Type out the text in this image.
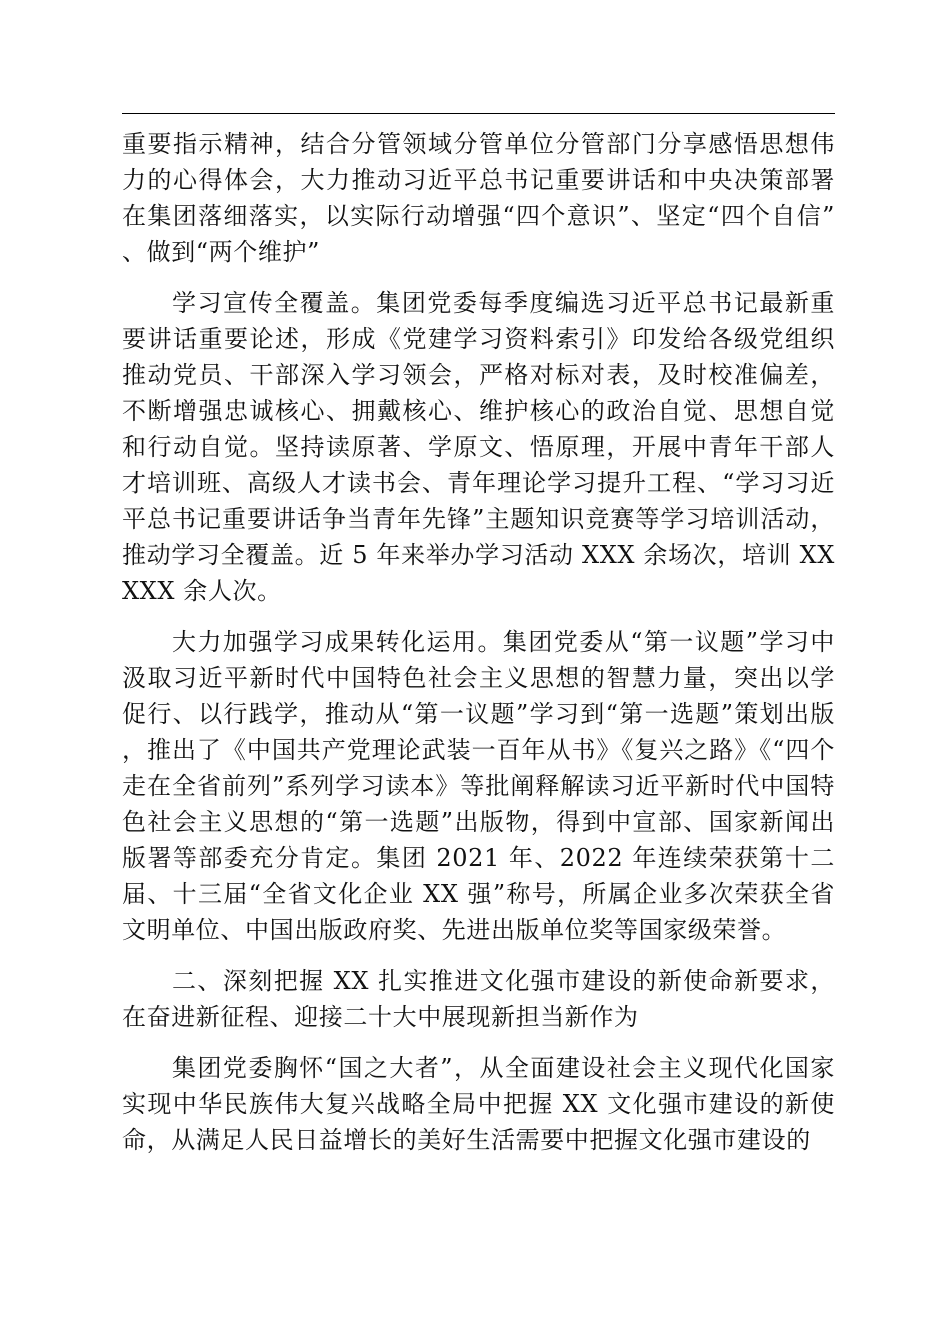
重要指示精神，结合分管领域分管单位分管部门分享感悟思想伟力的心得体会，大力推动习近平总书记重要讲话和中央决策部署在集团落细落实，以实际行动增强“四个意识”、坚定“四个自信”、做到“两个维护”

学习宣传全覆盖。集团党委每季度编选习近平总书记最新重要讲话重要论述，形成《党建学习资料索引》印发给各级党组织推动党员、干部深入学习领会，严格对标对表，及时校准偏差，不断增强忠诚核心、拥戴核心、维护核心的政治自觉、思想自觉和行动自觉。坚持读原著、学原文、悟原理，开展中青年干部人才培训班、高级人才读书会、青年理论学习提升工程、“学习习近平总书记重要讲话争当青年先锋”主题知识竞赛等学习培训活动，推动学习全覆盖。近 5 年来举办学习活动 XXX 余场次，培训 XXXXX 余人次。

大力加强学习成果转化运用。集团党委从“第一议题”学习中汲取习近平新时代中国特色社会主义思想的智慧力量，突出以学促行、以行践学，推动从“第一议题”学习到“第一选题”策划出版，推出了《中国共产党理论武装一百年从书》《复兴之路》《“四个走在全省前列”系列学习读本》等批阐释解读习近平新时代中国特色社会主义思想的“第一选题”出版物，得到中宣部、国家新闻出版署等部委充分肯定。集团 2021 年、2022 年连续荣获第十二届、十三届“全省文化企业 XX 强”称号，所属企业多次荣获全省文明单位、中国出版政府奖、先进出版单位奖等国家级荣誉。

二、深刻把握 XX 扎实推进文化强市建设的新使命新要求，在奋进新征程、迎接二十大中展现新担当新作为

集团党委胸怀“国之大者”，从全面建设社会主义现代化国家实现中华民族伟大复兴战略全局中把握 XX 文化强市建设的新使命，从满足人民日益增长的美好生活需要中把握文化强市建设的
